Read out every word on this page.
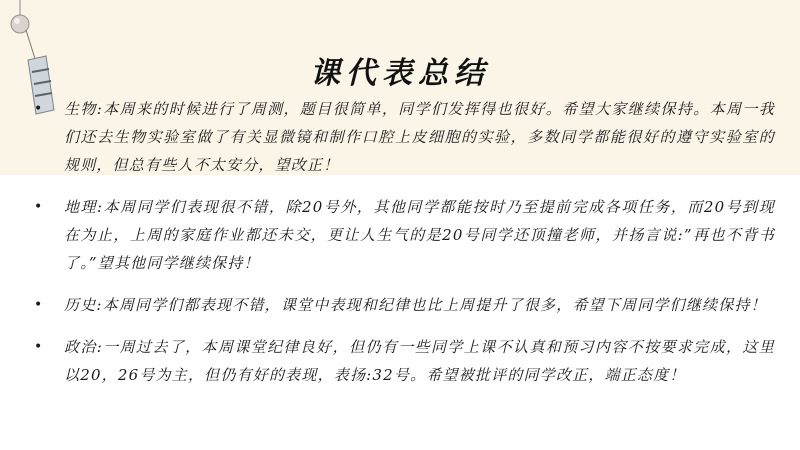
课代表总结
• 生物:本周来的时候进行了周测，题目很简单，同学们发挥得也很好。希望大家继续保持。本周一我们还去生物实验室做了有关显微镜和制作口腔上皮细胞的实验，多数同学都能很好的遵守实验室的规则，但总有些人不太安分，望改正！
• 地理:本周同学们表现很不错，除20号外，其他同学都能按时乃至提前完成各项任务，而20号到现在为止，上周的家庭作业都还未交，更让人生气的是20号同学还顶撞老师，并扬言说:”再也不背书了。”望其他同学继续保持！
• 历史:本周同学们都表现不错，课堂中表现和纪律也比上周提升了很多，希望下周同学们继续保持！
• 政治:一周过去了，本周课堂纪律良好，但仍有一些同学上课不认真和预习内容不按要求完成，这里以20，26号为主，但仍有好的表现，表扬:32号。希望被批评的同学改正，端正态度！
